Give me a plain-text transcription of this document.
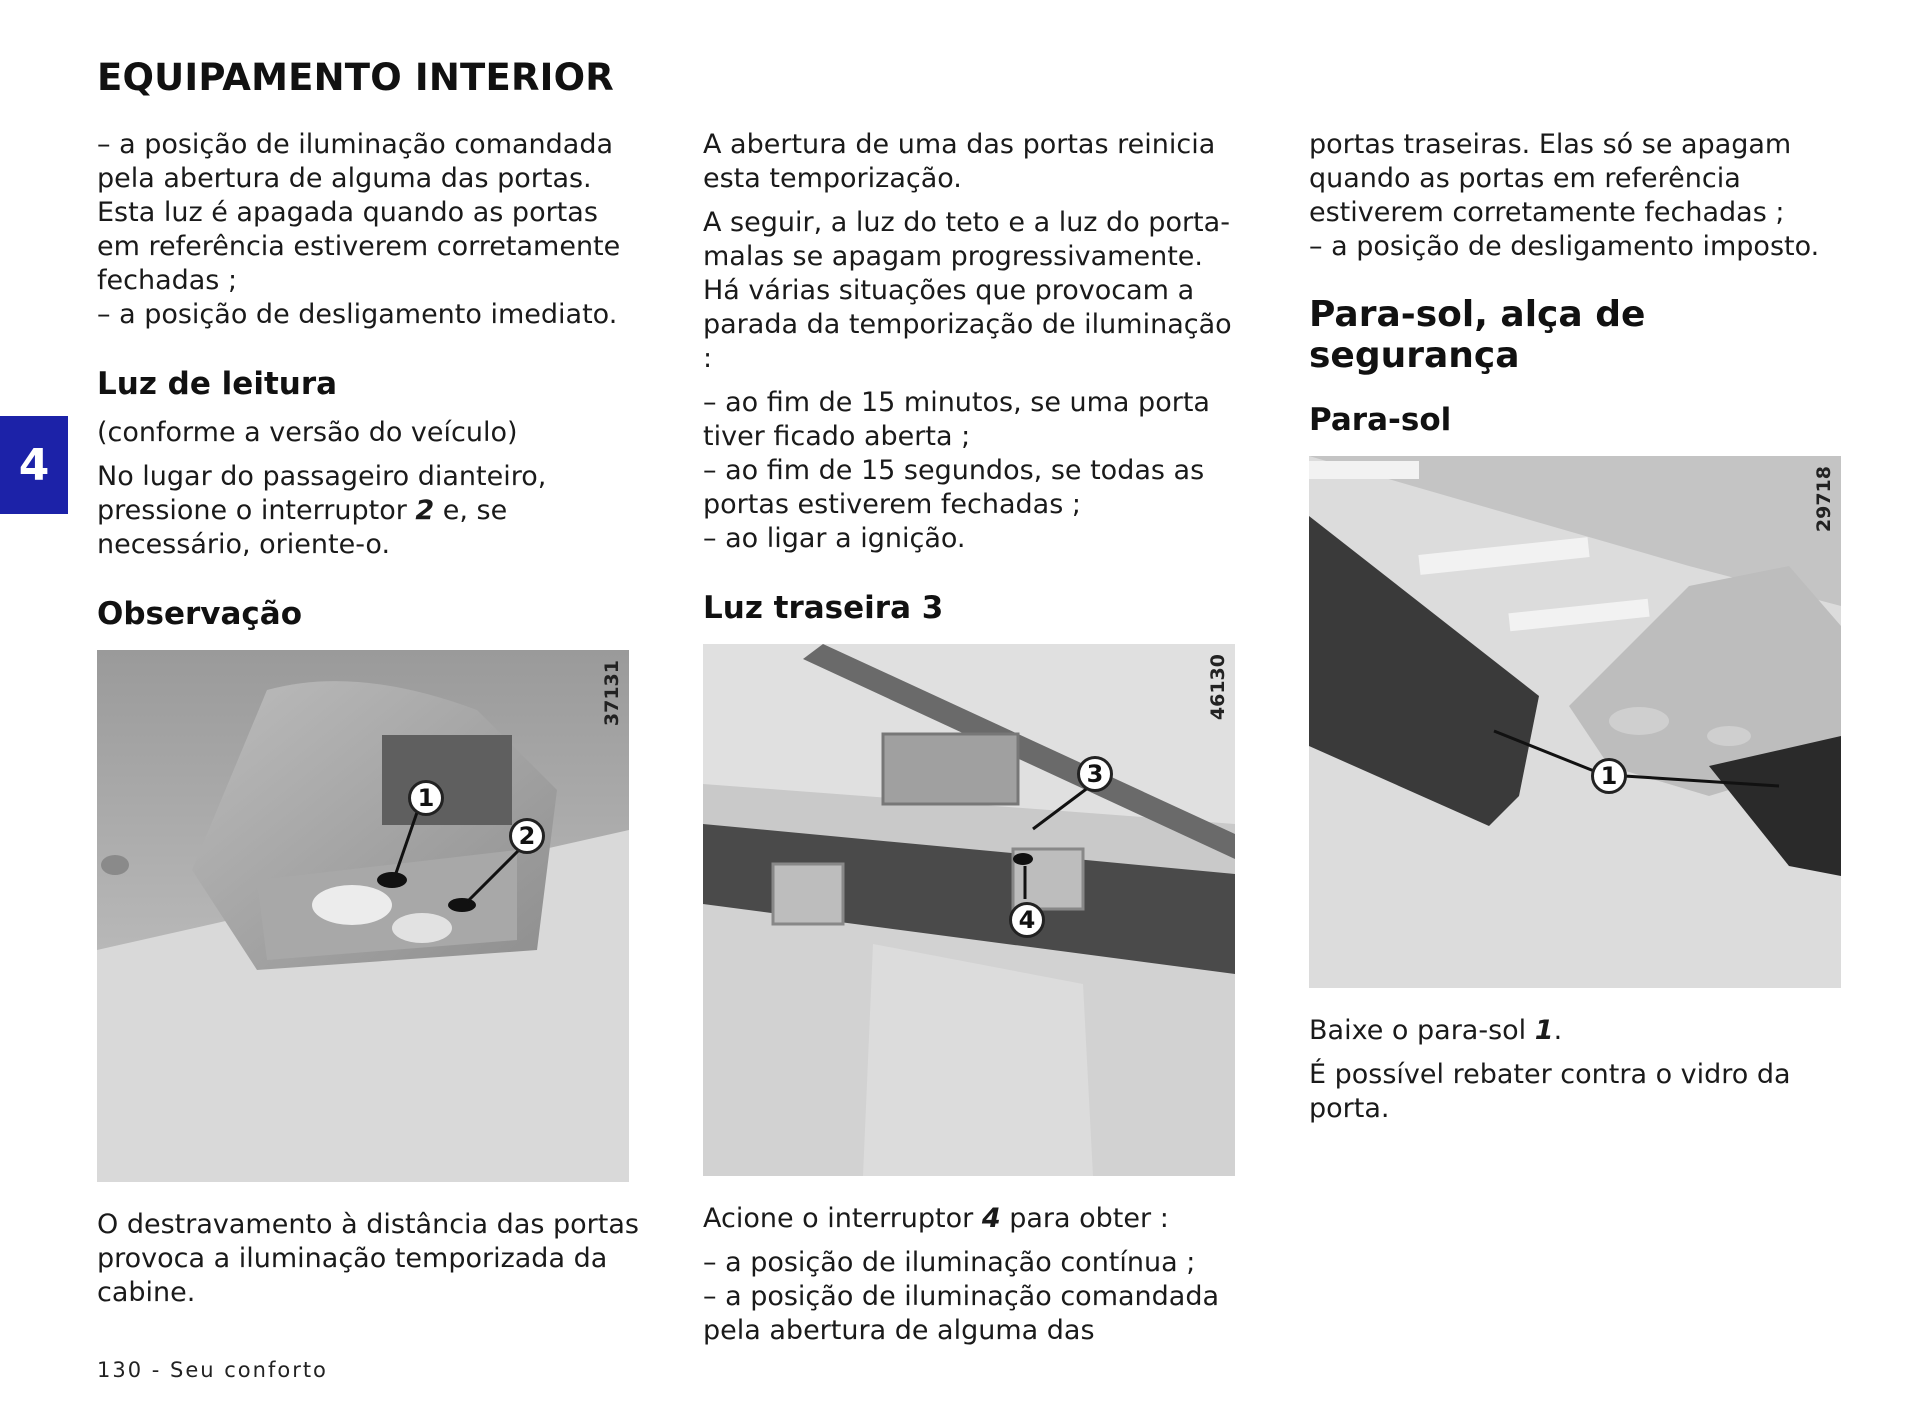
EQUIPAMENTO INTERIOR
4

– a posição de iluminação comandada pela abertura de alguma das portas. Esta luz é apagada quando as portas em referência estiverem corretamente fechadas ;

– a posição de desligamento imediato.

Luz de leitura

(conforme a versão do veículo)

No lugar do passageiro dianteiro, pressione o interruptor 2 e, se necessário, oriente-o.

Observação
37131
1
2

O destravamento à distância das portas provoca a iluminação temporizada da cabine.

A abertura de uma das portas reinicia esta temporização.

A seguir, a luz do teto e a luz do porta-malas se apagam progressivamente. Há várias situações que provocam a parada da temporização de iluminação :

– ao fim de 15 minutos, se uma porta tiver ficado aberta ;

– ao fim de 15 segundos, se todas as portas estiverem fechadas ;

– ao ligar a ignição.

Luz traseira 3
46130
3
4

Acione o interruptor 4 para obter :

– a posição de iluminação contínua ;

– a posição de iluminação comandada pela abertura de alguma das

portas traseiras. Elas só se apagam quando as portas em referência estiverem corretamente fechadas ;

– a posição de desligamento imposto.

Para-sol, alça de segurança
Para-sol
29718
1

Baixe o para-sol 1.

É possível rebater contra o vidro da porta.

130 - Seu conforto
